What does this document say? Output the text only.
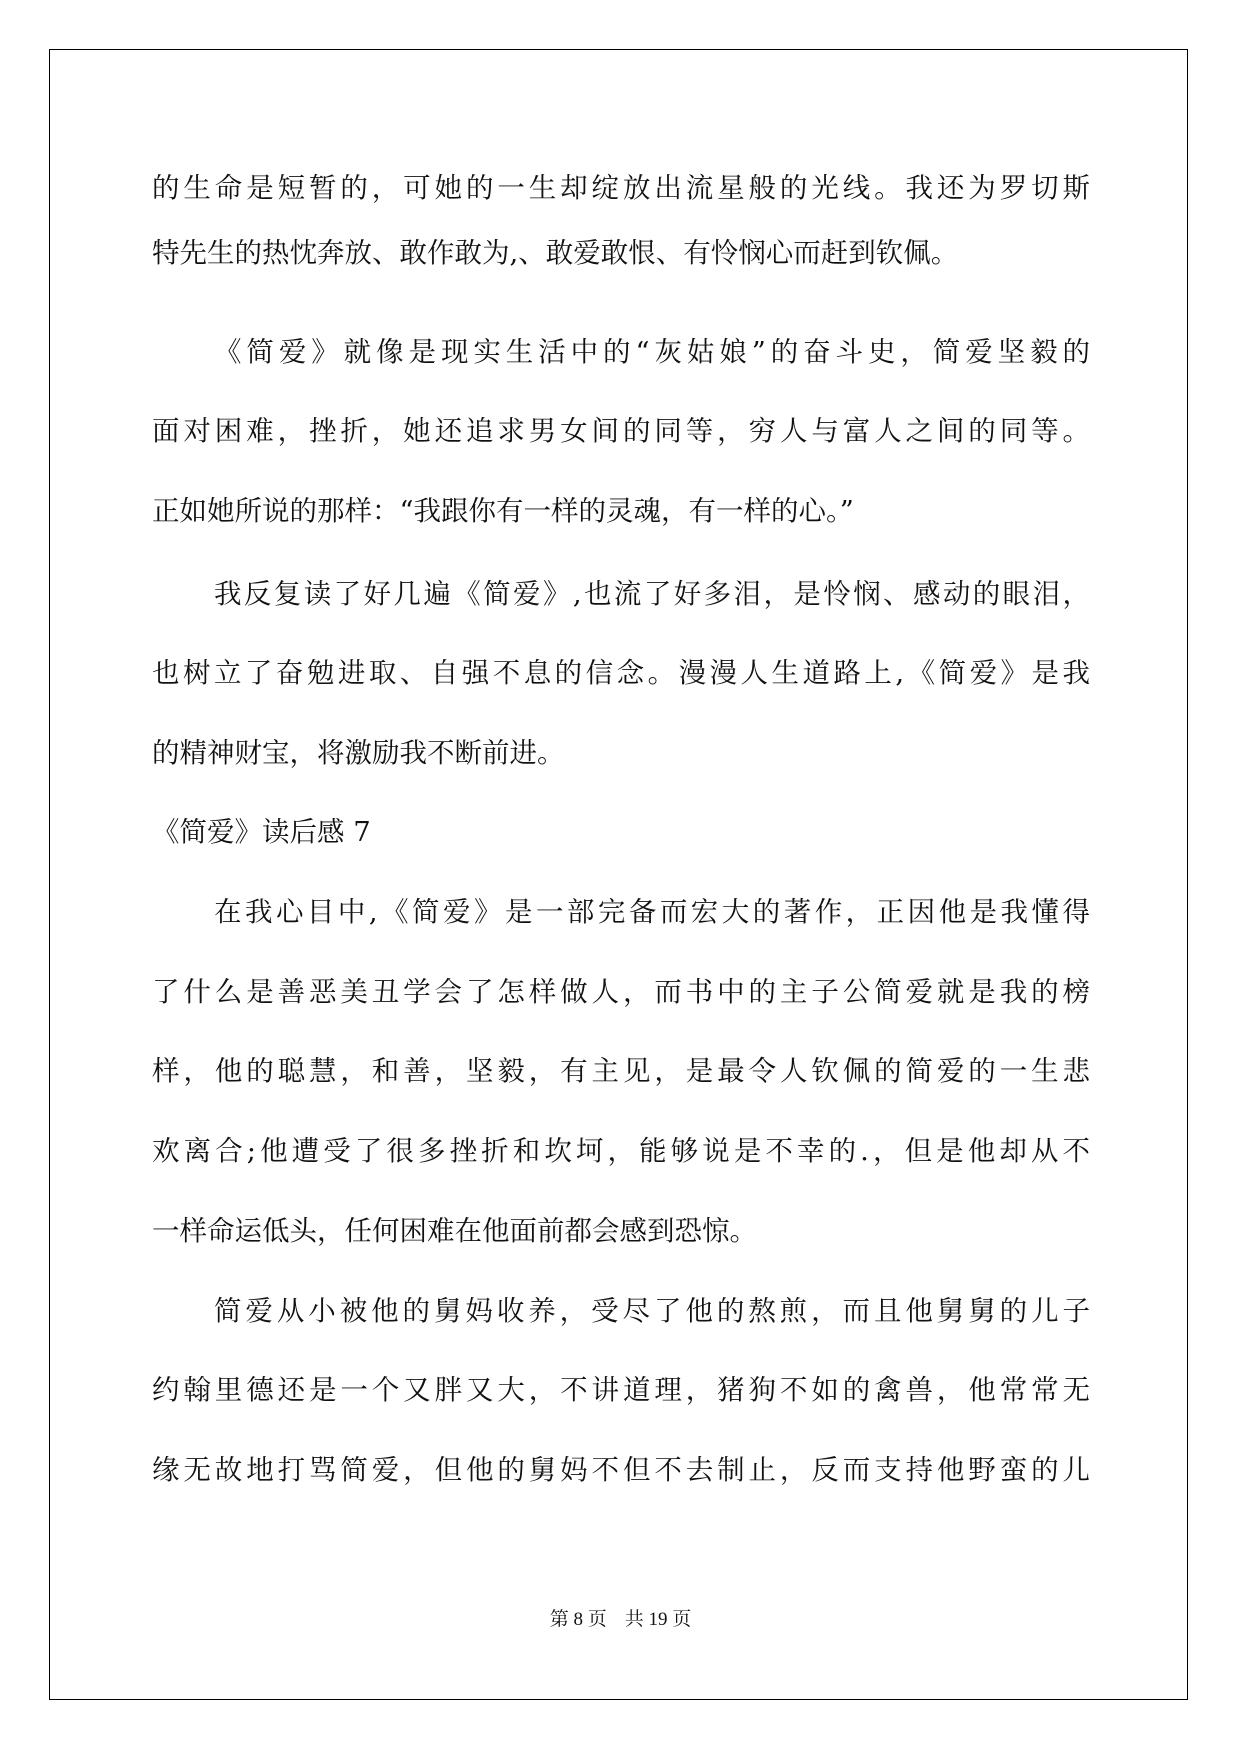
的生命是短暂的，可她的一生却绽放出流星般的光线。我还为罗切斯
特先生的热忱奔放、敢作敢为,、敢爱敢恨、有怜悯心而赶到钦佩。
《简爱》就像是现实生活中的“灰姑娘”的奋斗史，简爱坚毅的
面对困难，挫折，她还追求男女间的同等，穷人与富人之间的同等。
正如她所说的那样：“我跟你有一样的灵魂，有一样的心。”
我反复读了好几遍《简爱》,也流了好多泪，是怜悯、感动的眼泪，
也树立了奋勉进取、自强不息的信念。漫漫人生道路上,《简爱》是我
的精神财宝，将激励我不断前进。
《简爱》读后感 7
在我心目中,《简爱》是一部完备而宏大的著作，正因他是我懂得
了什么是善恶美丑学会了怎样做人，而书中的主子公简爱就是我的榜
样，他的聪慧，和善，坚毅，有主见，是最令人钦佩的简爱的一生悲
欢离合;他遭受了很多挫折和坎坷，能够说是不幸的.，但是他却从不
一样命运低头，任何困难在他面前都会感到恐惊。
简爱从小被他的舅妈收养，受尽了他的熬煎，而且他舅舅的儿子
约翰里德还是一个又胖又大，不讲道理，猪狗不如的禽兽，他常常无
缘无故地打骂简爱，但他的舅妈不但不去制止，反而支持他野蛮的儿
第 8 页 共 19 页
